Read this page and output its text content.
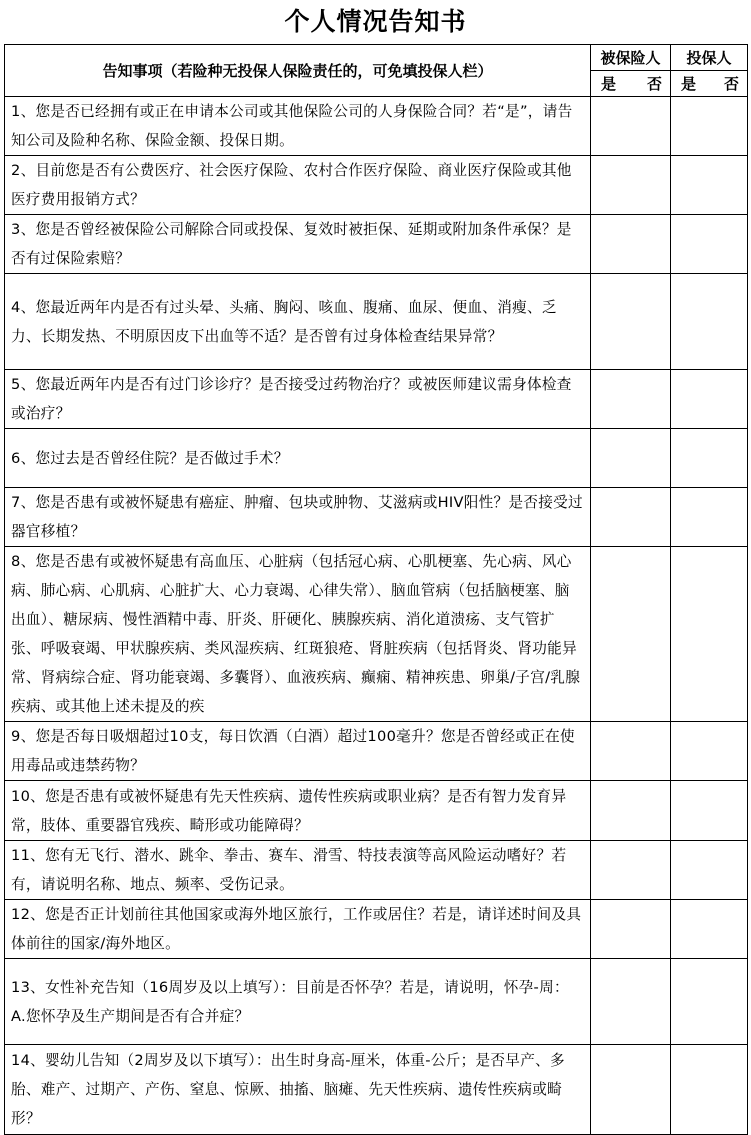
个人情况告知书
告知事项（若险种无投保人保险责任的，可免填投保人栏）	被保险人	投保人

	是 否	是 否

1、您是否已经拥有或正在申请本公司或其他保险公司的人身保险合同？若“是”，请告知公司及险种名称、保险金额、投保日期。		
2、目前您是否有公费医疗、社会医疗保险、农村合作医疗保险、商业医疗保险或其他医疗费用报销方式？		
3、您是否曾经被保险公司解除合同或投保、复效时被拒保、延期或附加条件承保？是否有过保险索赔？		
4、您最近两年内是否有过头晕、头痛、胸闷、咳血、腹痛、血尿、便血、消瘦、乏力、长期发热、不明原因皮下出血等不适？是否曾有过身体检查结果异常？		
5、您最近两年内是否有过门诊诊疗？是否接受过药物治疗？或被医师建议需身体检查或治疗？		
6、您过去是否曾经住院？是否做过手术？		
7、您是否患有或被怀疑患有癌症、肿瘤、包块或肿物、艾滋病或HIV阳性？是否接受过器官移植？		
8、您是否患有或被怀疑患有高血压、心脏病（包括冠心病、心肌梗塞、先心病、风心病、肺心病、心肌病、心脏扩大、心力衰竭、心律失常）、脑血管病（包括脑梗塞、脑出血）、糖尿病、慢性酒精中毒、肝炎、肝硬化、胰腺疾病、消化道溃疡、支气管扩张、呼吸衰竭、甲状腺疾病、类风湿疾病、红斑狼疮、肾脏疾病（包括肾炎、肾功能异常、肾病综合症、肾功能衰竭、多囊肾）、血液疾病、癫痫、精神疾患、卵巢/子宫/乳腺疾病、或其他上述未提及的疾		
9、您是否每日吸烟超过10支，每日饮酒（白酒）超过100毫升？您是否曾经或正在使用毒品或违禁药物？		
10、您是否患有或被怀疑患有先天性疾病、遗传性疾病或职业病？是否有智力发育异常，肢体、重要器官残疾、畸形或功能障碍？		
11、您有无飞行、潜水、跳伞、拳击、赛车、滑雪、特技表演等高风险运动嗜好？若有，请说明名称、地点、频率、受伤记录。		
12、您是否正计划前往其他国家或海外地区旅行，工作或居住？若是，请详述时间及具体前往的国家/海外地区。		
13、女性补充告知（16周岁及以上填写）：目前是否怀孕？若是，请说明，怀孕-周：
A.您怀孕及生产期间是否有合并症？		
14、婴幼儿告知（2周岁及以下填写）：出生时身高-厘米，体重-公斤；是否早产、多胎、难产、过期产、产伤、窒息、惊厥、抽搐、脑瘫、先天性疾病、遗传性疾病或畸形？		
